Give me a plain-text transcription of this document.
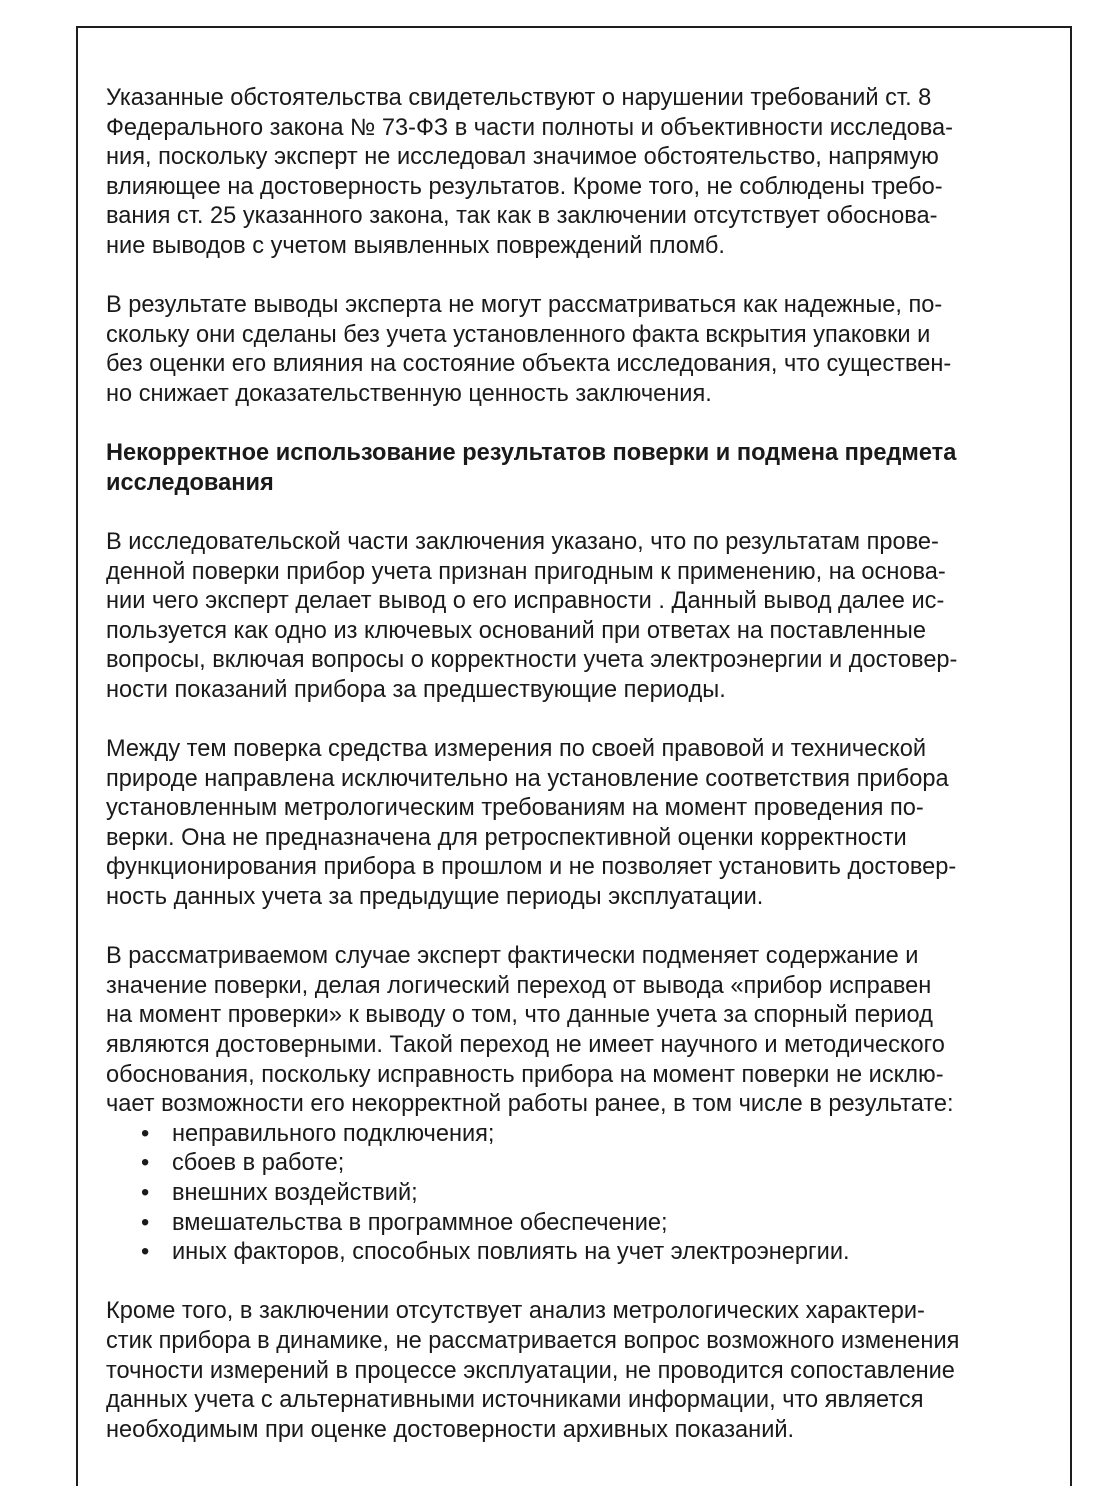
Указанные обстоятельства свидетельствуют о нарушении требований ст. 8
Федерального закона № 73-ФЗ в части полноты и объективности исследова-
ния, поскольку эксперт не исследовал значимое обстоятельство, напрямую
влияющее на достоверность результатов. Кроме того, не соблюдены требо-
вания ст. 25 указанного закона, так как в заключении отсутствует обоснова-
ние выводов с учетом выявленных повреждений пломб.

В результате выводы эксперта не могут рассматриваться как надежные, по-
скольку они сделаны без учета установленного факта вскрытия упаковки и
без оценки его влияния на состояние объекта исследования, что существен-
но снижает доказательственную ценность заключения.

Некорректное использование результатов поверки и подмена предмета
исследования

В исследовательской части заключения указано, что по результатам прове-
денной поверки прибор учета признан пригодным к применению, на основа-
нии чего эксперт делает вывод о его исправности . Данный вывод далее ис-
пользуется как одно из ключевых оснований при ответах на поставленные
вопросы, включая вопросы о корректности учета электроэнергии и достовер-
ности показаний прибора за предшествующие периоды.

Между тем поверка средства измерения по своей правовой и технической
природе направлена исключительно на установление соответствия прибора
установленным метрологическим требованиям на момент проведения по-
верки. Она не предназначена для ретроспективной оценки корректности
функционирования прибора в прошлом и не позволяет установить достовер-
ность данных учета за предыдущие периоды эксплуатации.

В рассматриваемом случае эксперт фактически подменяет содержание и
значение поверки, делая логический переход от вывода «прибор исправен
на момент проверки» к выводу о том, что данные учета за спорный период
являются достоверными. Такой переход не имеет научного и методического
обоснования, поскольку исправность прибора на момент поверки не исклю-
чает возможности его некорректной работы ранее, в том числе в результате:

• неправильного подключения;
• сбоев в работе;
• внешних воздействий;
• вмешательства в программное обеспечение;
• иных факторов, способных повлиять на учет электроэнергии.

Кроме того, в заключении отсутствует анализ метрологических характери-
стик прибора в динамике, не рассматривается вопрос возможного изменения
точности измерений в процессе эксплуатации, не проводится сопоставление
данных учета с альтернативными источниками информации, что является
необходимым при оценке достоверности архивных показаний.
